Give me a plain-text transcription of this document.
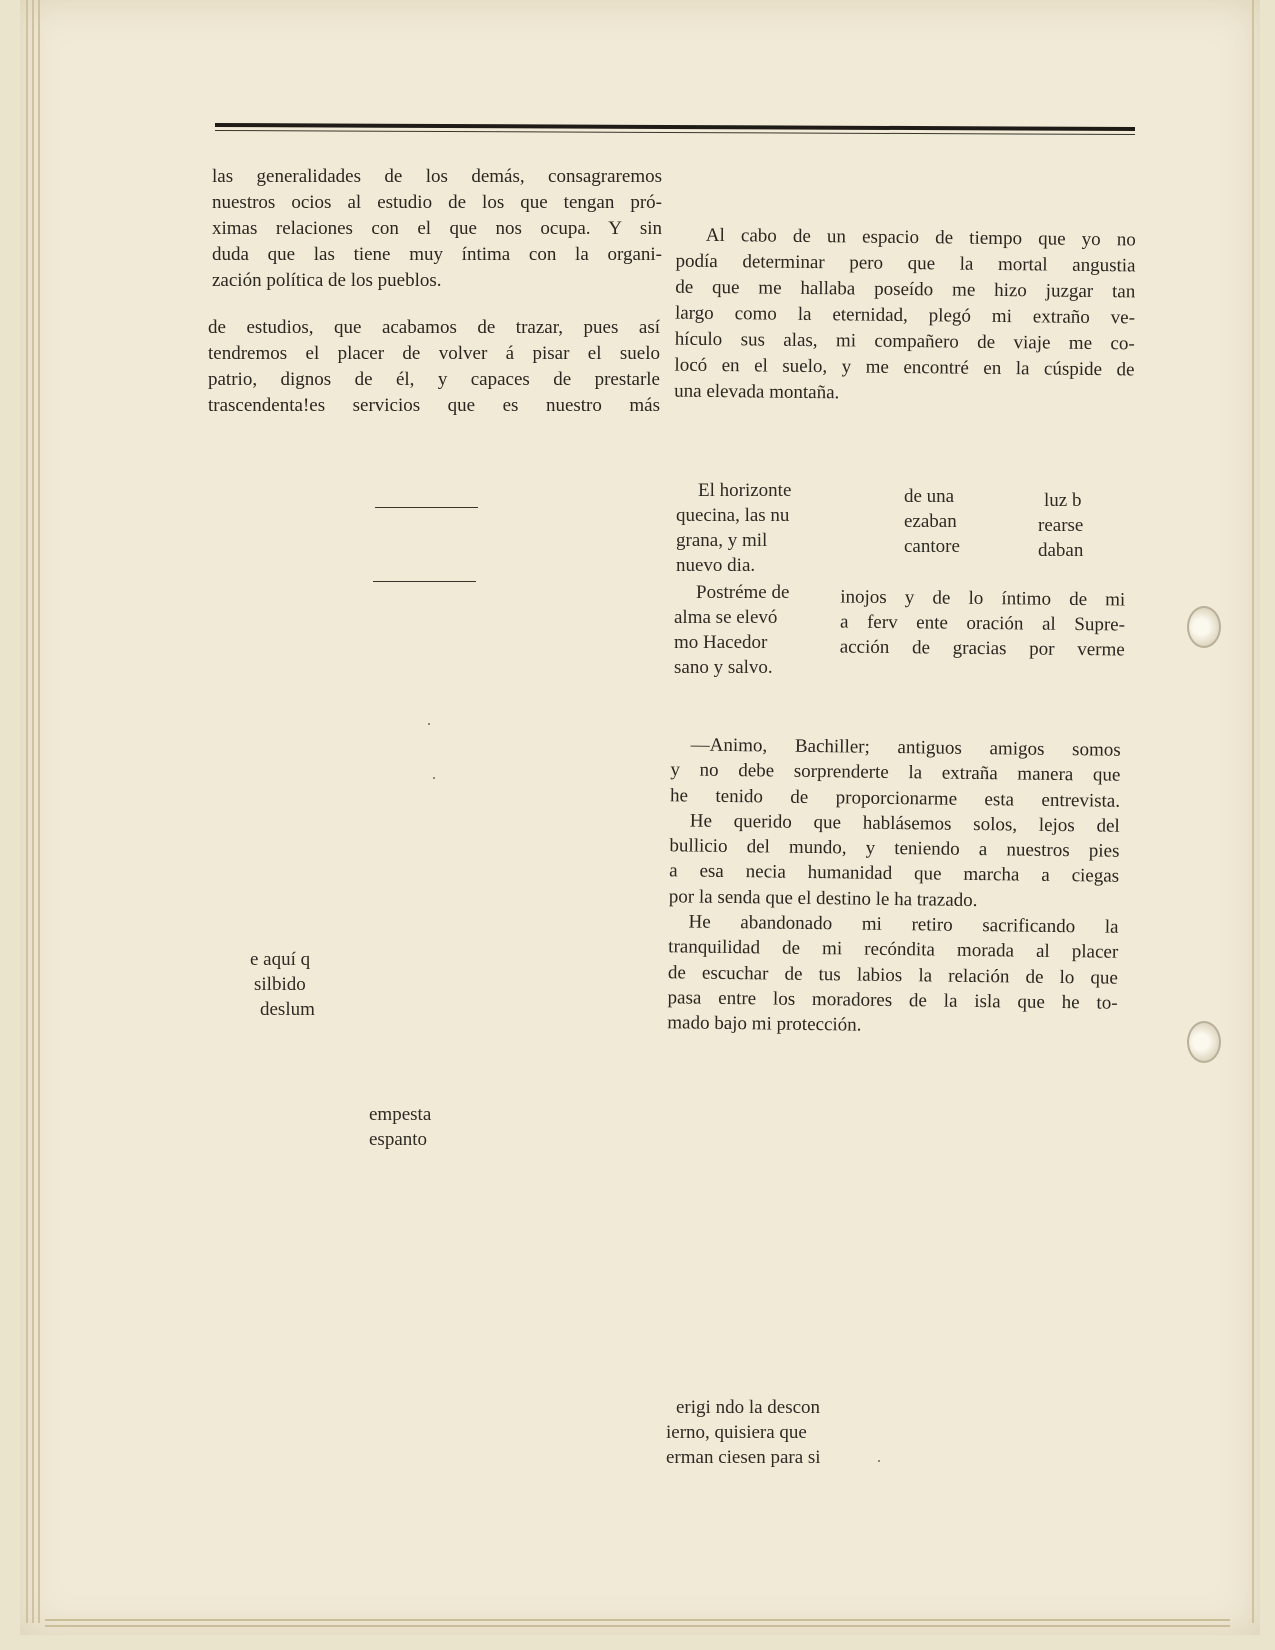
las generalidades de los demás, consagraremos
nuestros ocios al estudio de los que tengan pró-
ximas relaciones con el que nos ocupa. Y sin
duda que las tiene muy íntima con la organi-
zación política de los pueblos.
de estudios, que acabamos de trazar, pues así
tendremos el placer de volver á pisar el suelo
patrio, dignos de él, y capaces de prestarle
trascendenta!es servicios que es nuestro más
e aquí q
silbido
deslum
empesta
espanto
Al cabo de un espacio de tiempo que yo no
podía determinar pero que la mortal angustia
de que me hallaba poseído me hizo juzgar tan
largo como la eternidad, plegó mi extraño ve-
hículo sus alas, mi compañero de viaje me co-
locó en el suelo, y me encontré en la cúspide de
una elevada montaña.
El horizonte
quecina, las nu
grana, y mil
nuevo dia.
de una
ezaban
cantore
luz b
rearse
daban
Postréme de
alma se elevó
mo Hacedor
sano y salvo.
inojos y de lo íntimo de mi
a ferv ente oración al Supre-
acción de gracias por verme
—Animo, Bachiller; antiguos amigos somos
y no debe sorprenderte la extraña manera que
he tenido de proporcionarme esta entrevista.
He querido que hablásemos solos, lejos del
bullicio del mundo, y teniendo a nuestros pies
a esa necia humanidad que marcha a ciegas
por la senda que el destino le ha trazado.
He abandonado mi retiro sacrificando la
tranquilidad de mi recóndita morada al placer
de escuchar de tus labios la relación de lo que
pasa entre los moradores de la isla que he to-
mado bajo mi protección.
erigi ndo la descon
ierno, quisiera que
erman ciesen para si
